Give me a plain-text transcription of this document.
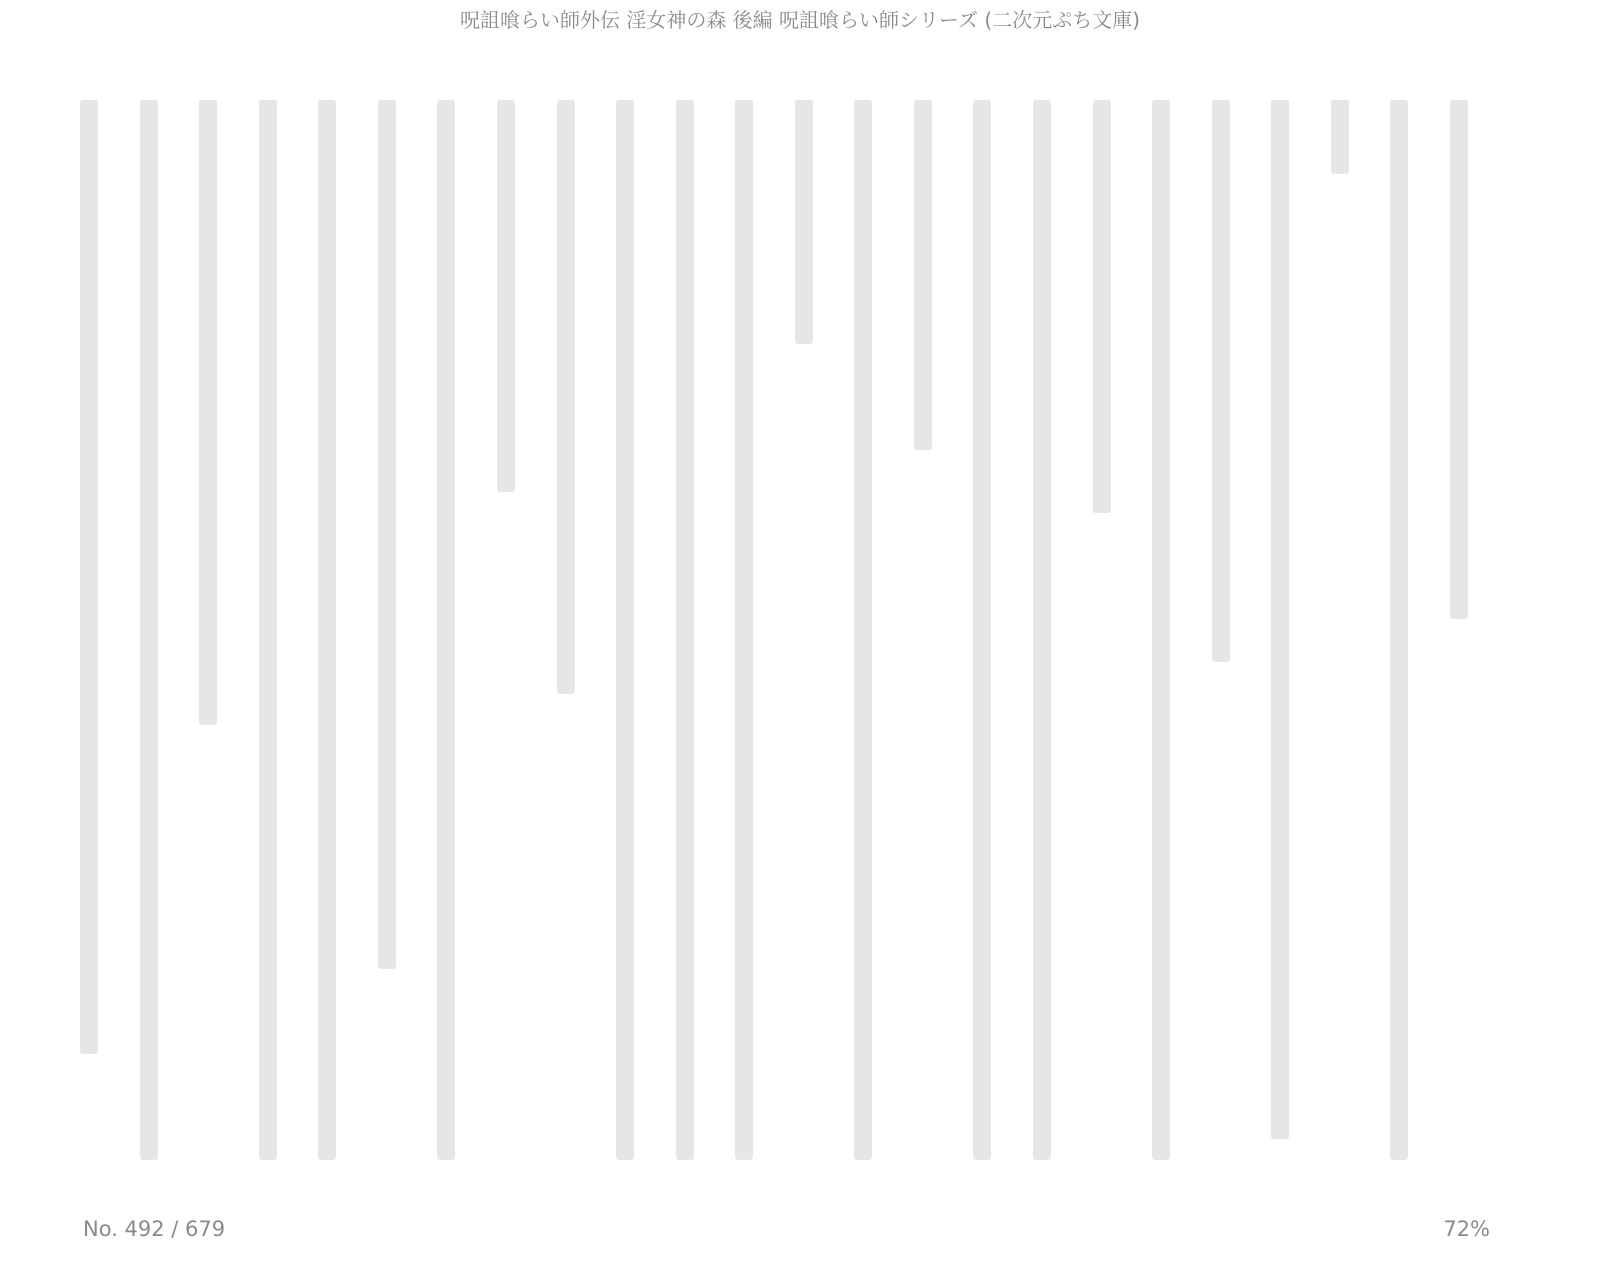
呪詛喰らい師外伝 淫女神の森 後編 呪詛喰らい師シリーズ (二次元ぷち文庫)
No. 492 / 679	72%
